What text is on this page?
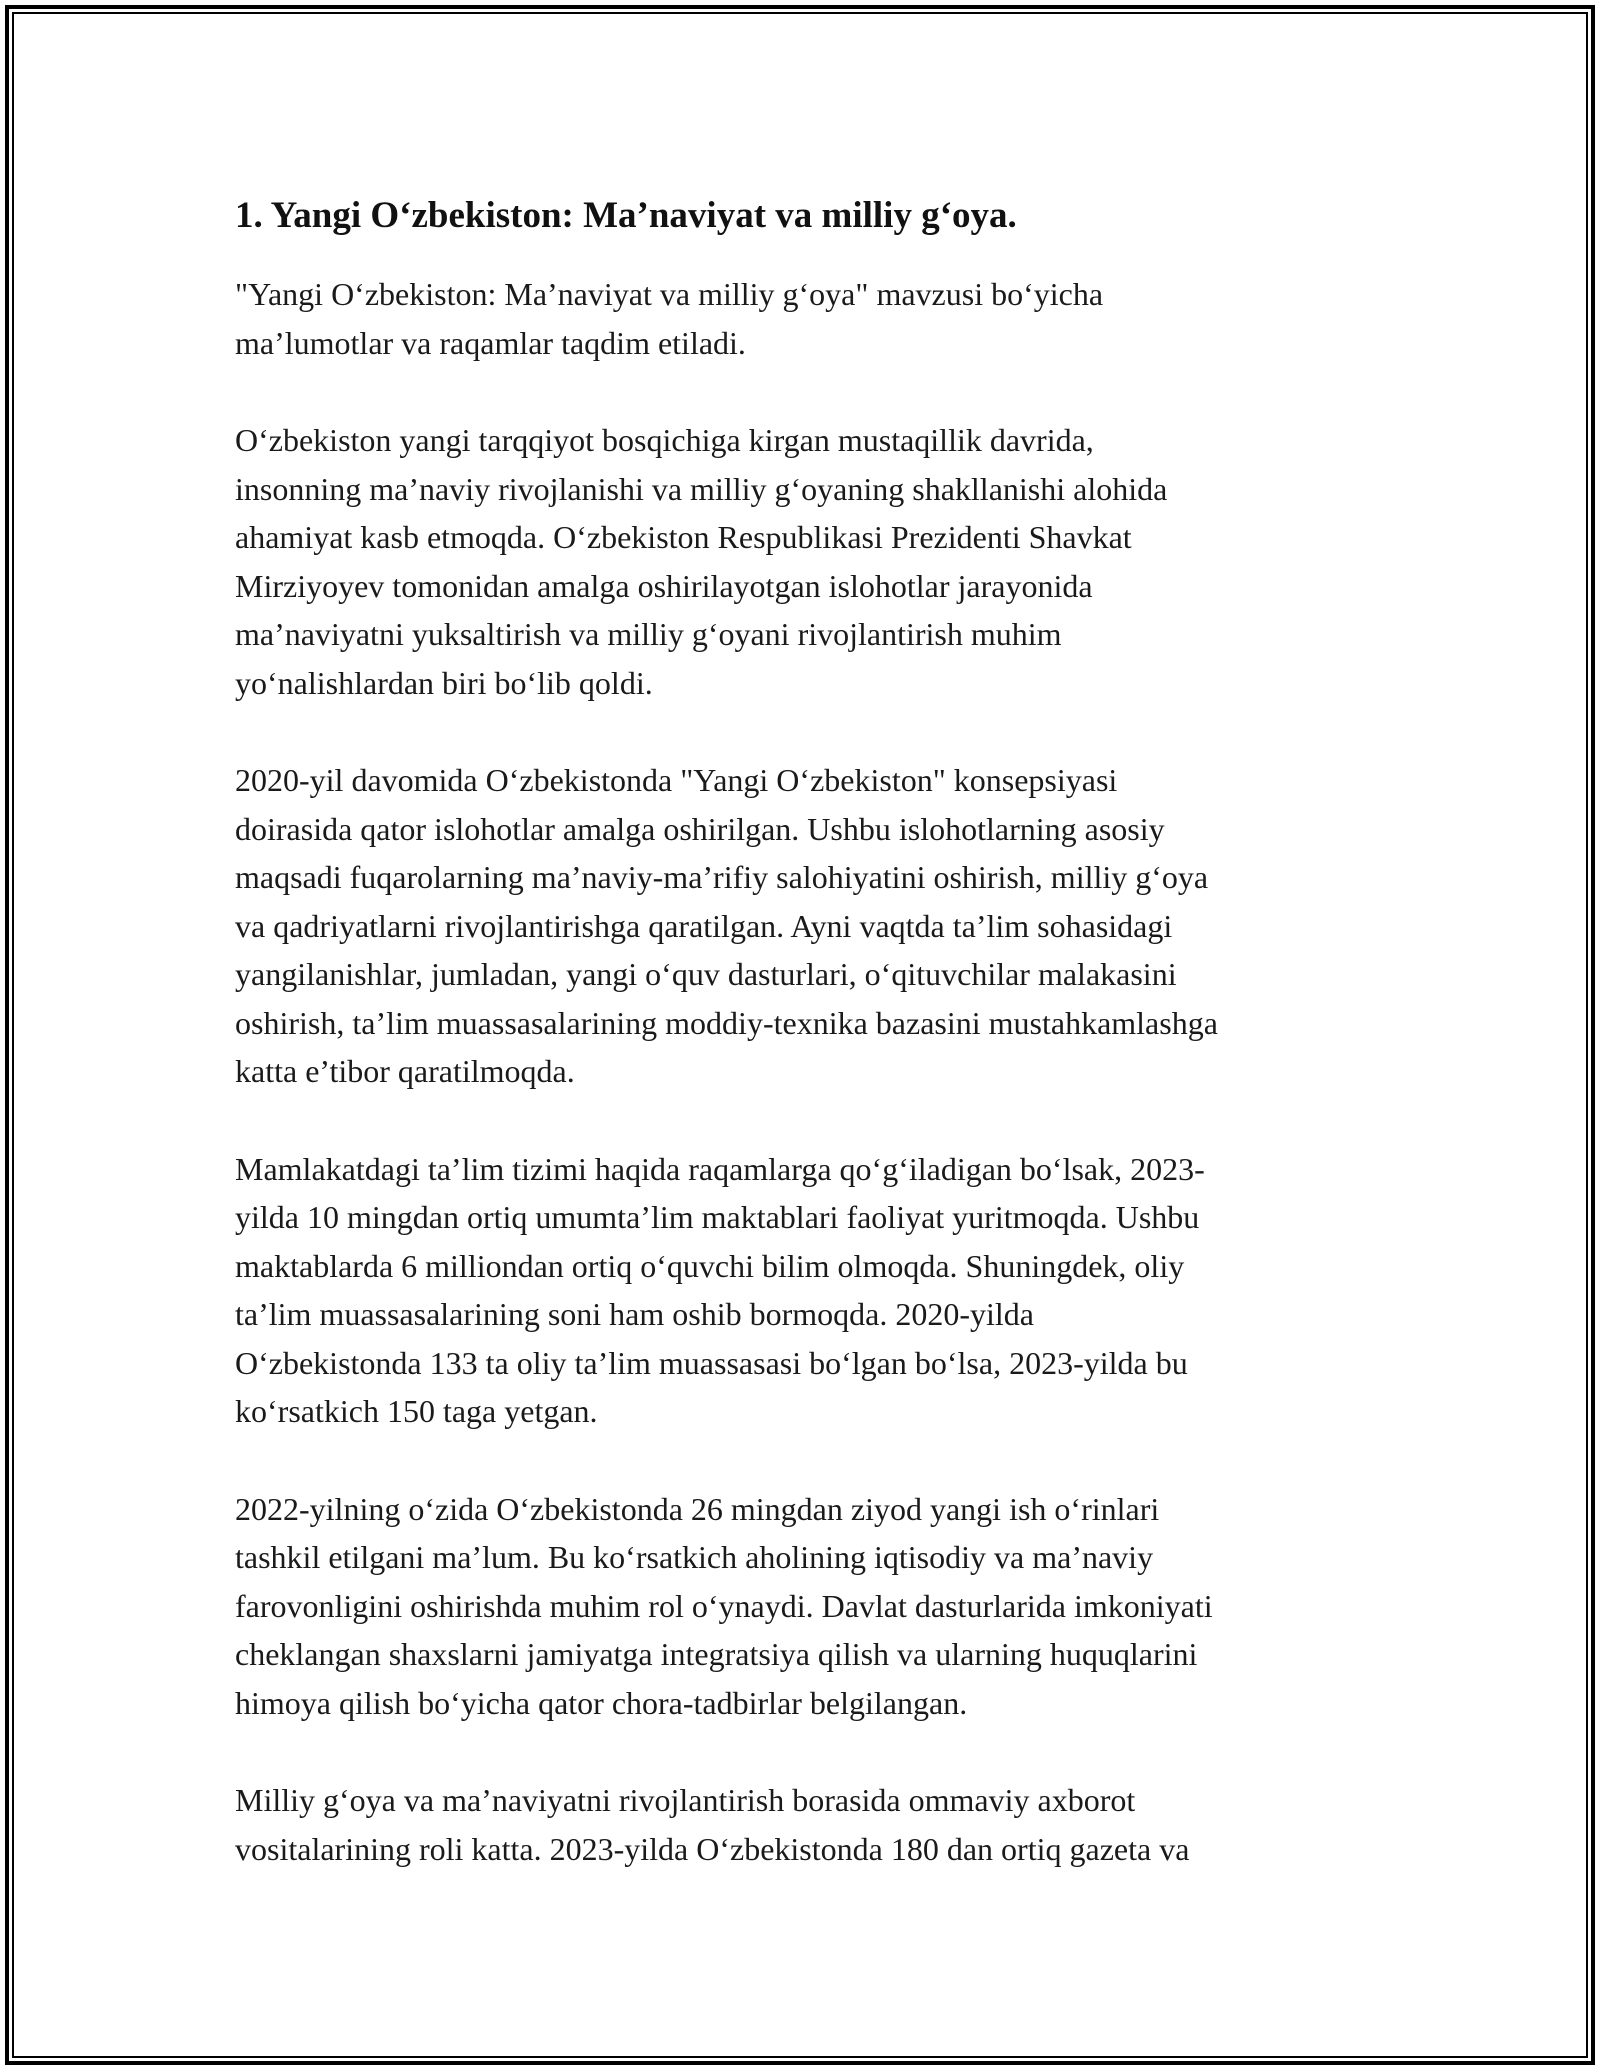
1. Yangi O‘zbekiston: Ma’naviyat va milliy g‘oya.

"Yangi O‘zbekiston: Ma’naviyat va milliy g‘oya" mavzusi bo‘yicha
ma’lumotlar va raqamlar taqdim etiladi.

O‘zbekiston yangi tarqqiyot bosqichiga kirgan mustaqillik davrida,
insonning ma’naviy rivojlanishi va milliy g‘oyaning shakllanishi alohida
ahamiyat kasb etmoqda. O‘zbekiston Respublikasi Prezidenti Shavkat
Mirziyoyev tomonidan amalga oshirilayotgan islohotlar jarayonida
ma’naviyatni yuksaltirish va milliy g‘oyani rivojlantirish muhim
yo‘nalishlardan biri bo‘lib qoldi.

2020-yil davomida O‘zbekistonda "Yangi O‘zbekiston" konsepsiyasi
doirasida qator islohotlar amalga oshirilgan. Ushbu islohotlarning asosiy
maqsadi fuqarolarning ma’naviy-ma’rifiy salohiyatini oshirish, milliy g‘oya
va qadriyatlarni rivojlantirishga qaratilgan. Ayni vaqtda ta’lim sohasidagi
yangilanishlar, jumladan, yangi o‘quv dasturlari, o‘qituvchilar malakasini
oshirish, ta’lim muassasalarining moddiy-texnika bazasini mustahkamlashga
katta e’tibor qaratilmoqda.

Mamlakatdagi ta’lim tizimi haqida raqamlarga qo‘g‘iladigan bo‘lsak, 2023-
yilda 10 mingdan ortiq umumta’lim maktablari faoliyat yuritmoqda. Ushbu
maktablarda 6 milliondan ortiq o‘quvchi bilim olmoqda. Shuningdek, oliy
ta’lim muassasalarining soni ham oshib bormoqda. 2020-yilda
O‘zbekistonda 133 ta oliy ta’lim muassasasi bo‘lgan bo‘lsa, 2023-yilda bu
ko‘rsatkich 150 taga yetgan.

2022-yilning o‘zida O‘zbekistonda 26 mingdan ziyod yangi ish o‘rinlari
tashkil etilgani ma’lum. Bu ko‘rsatkich aholining iqtisodiy va ma’naviy
farovonligini oshirishda muhim rol o‘ynaydi. Davlat dasturlarida imkoniyati
cheklangan shaxslarni jamiyatga integratsiya qilish va ularning huquqlarini
himoya qilish bo‘yicha qator chora-tadbirlar belgilangan.

Milliy g‘oya va ma’naviyatni rivojlantirish borasida ommaviy axborot
vositalarining roli katta. 2023-yilda O‘zbekistonda 180 dan ortiq gazeta va
